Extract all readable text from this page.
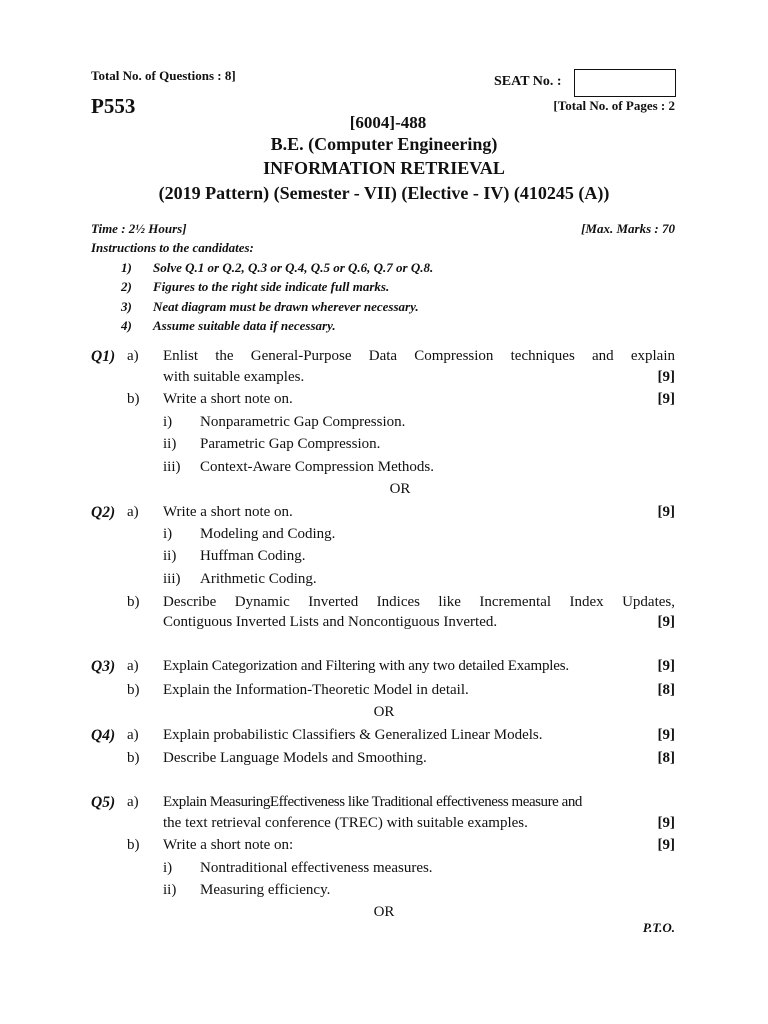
Total No. of Questions : 8]	SEAT No. :
P553	[Total No. of Pages : 2
[6004]-488
B.E. (Computer Engineering)
INFORMATION RETRIEVAL
(2019 Pattern) (Semester - VII) (Elective - IV) (410245 (A))
Time : 2½ Hours]	[Max. Marks : 70
Instructions to the candidates:
1) Solve Q.1 or Q.2, Q.3 or Q.4, Q.5 or Q.6, Q.7 or Q.8.
2) Figures to the right side indicate full marks.
3) Neat diagram must be drawn wherever necessary.
4) Assume suitable data if necessary.
Q1) a) Enlist the General-Purpose Data Compression techniques and explain
with suitable examples.	[9]
b) Write a short note on.	[9]
i) Nonparametric Gap Compression.
ii) Parametric Gap Compression.
iii) Context-Aware Compression Methods.
OR
Q2) a) Write a short note on.	[9]
i) Modeling and Coding.
ii) Huffman Coding.
iii) Arithmetic Coding.
b) Describe Dynamic Inverted Indices like Incremental Index Updates,
Contiguous Inverted Lists and Noncontiguous Inverted.	[9]
Q3) a) Explain Categorization and Filtering with any two detailed Examples.	[9]
b) Explain the Information-Theoretic Model in detail.	[8]
OR
Q4) a) Explain probabilistic Classifiers & Generalized Linear Models.	[9]
b) Describe Language Models and Smoothing.	[8]
Q5) a) Explain MeasuringEffectiveness like Traditional effectiveness measure and
the text retrieval conference (TREC) with suitable examples.	[9]
b) Write a short note on:	[9]
i) Nontraditional effectiveness measures.
ii) Measuring efficiency.
OR
P.T.O.
